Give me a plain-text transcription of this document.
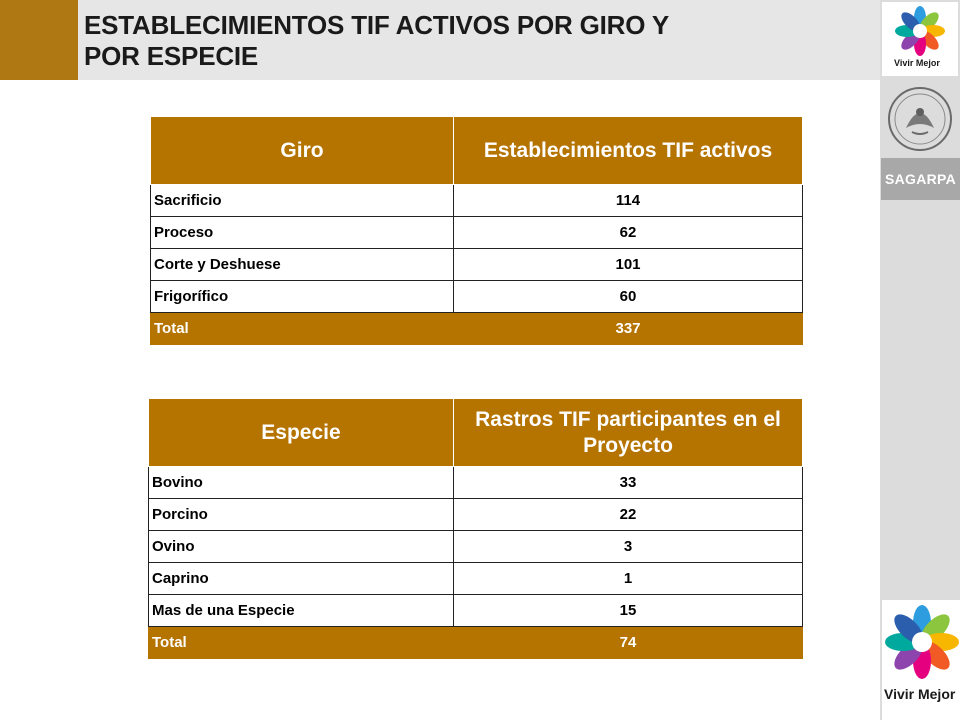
ESTABLECIMIENTOS TIF ACTIVOS POR GIRO Y
POR ESPECIE	Vivir Mejor
SAGARPA
Vivir Mejor
Giro	Establecimientos TIF activos
Sacrificio	114
Proceso	62
Corte y Deshuese	101
Frigorífico	60
Total	337
Especie	Rastros TIF participantes en el Proyecto
Bovino	33
Porcino	22
Ovino	3
Caprino	1
Mas de una Especie	15
Total	74
